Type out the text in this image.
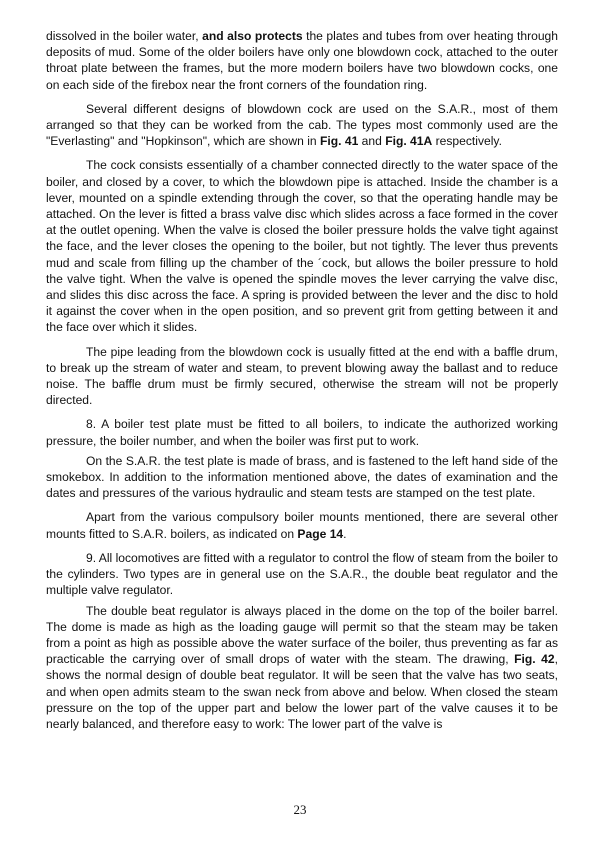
dissolved in the boiler water, and also protects the plates and tubes from over heating through deposits of mud. Some of the older boilers have only one blowdown cock, attached to the outer throat plate between the frames, but the more modern boilers have two blowdown cocks, one on each side of the firebox near the front corners of the foundation ring.

Several different designs of blowdown cock are used on the S.A.R., most of them arranged so that they can be worked from the cab. The types most commonly used are the "Everlasting" and "Hopkinson", which are shown in Fig. 41 and Fig. 41A respectively.

The cock consists essentially of a chamber connected directly to the water space of the boiler, and closed by a cover, to which the blowdown pipe is attached. Inside the chamber is a lever, mounted on a spindle extending through the cover, so that the operating handle may be attached. On the lever is fitted a brass valve disc which slides across a face formed in the cover at the outlet opening. When the valve is closed the boiler pressure holds the valve tight against the face, and the lever closes the opening to the boiler, but not tightly. The lever thus prevents mud and scale from filling up the chamber of the ´cock, but allows the boiler pressure to hold the valve tight. When the valve is opened the spindle moves the lever carrying the valve disc, and slides this disc across the face. A spring is provided between the lever and the disc to hold it against the cover when in the open position, and so prevent grit from getting between it and the face over which it slides.

The pipe leading from the blowdown cock is usually fitted at the end with a baffle drum, to break up the stream of water and steam, to prevent blowing away the ballast and to reduce noise. The baffle drum must be firmly secured, otherwise the stream will not be properly directed.

8. A boiler test plate must be fitted to all boilers, to indicate the authorized working pressure, the boiler number, and when the boiler was first put to work.

On the S.A.R. the test plate is made of brass, and is fastened to the left hand side of the smokebox. In addition to the information mentioned above, the dates of examination and the dates and pressures of the various hydraulic and steam tests are stamped on the test plate.

Apart from the various compulsory boiler mounts mentioned, there are several other mounts fitted to S.A.R. boilers, as indicated on Page 14.

9. All locomotives are fitted with a regulator to control the flow of steam from the boiler to the cylinders. Two types are in general use on the S.A.R., the double beat regulator and the multiple valve regulator.

The double beat regulator is always placed in the dome on the top of the boiler barrel. The dome is made as high as the loading gauge will permit so that the steam may be taken from a point as high as possible above the water surface of the boiler, thus preventing as far as practicable the carrying over of small drops of water with the steam. The drawing, Fig. 42, shows the normal design of double beat regulator. It will be seen that the valve has two seats, and when open admits steam to the swan neck from above and below. When closed the steam pressure on the top of the upper part and below the lower part of the valve causes it to be nearly balanced, and therefore easy to work: The lower part of the valve is

23
